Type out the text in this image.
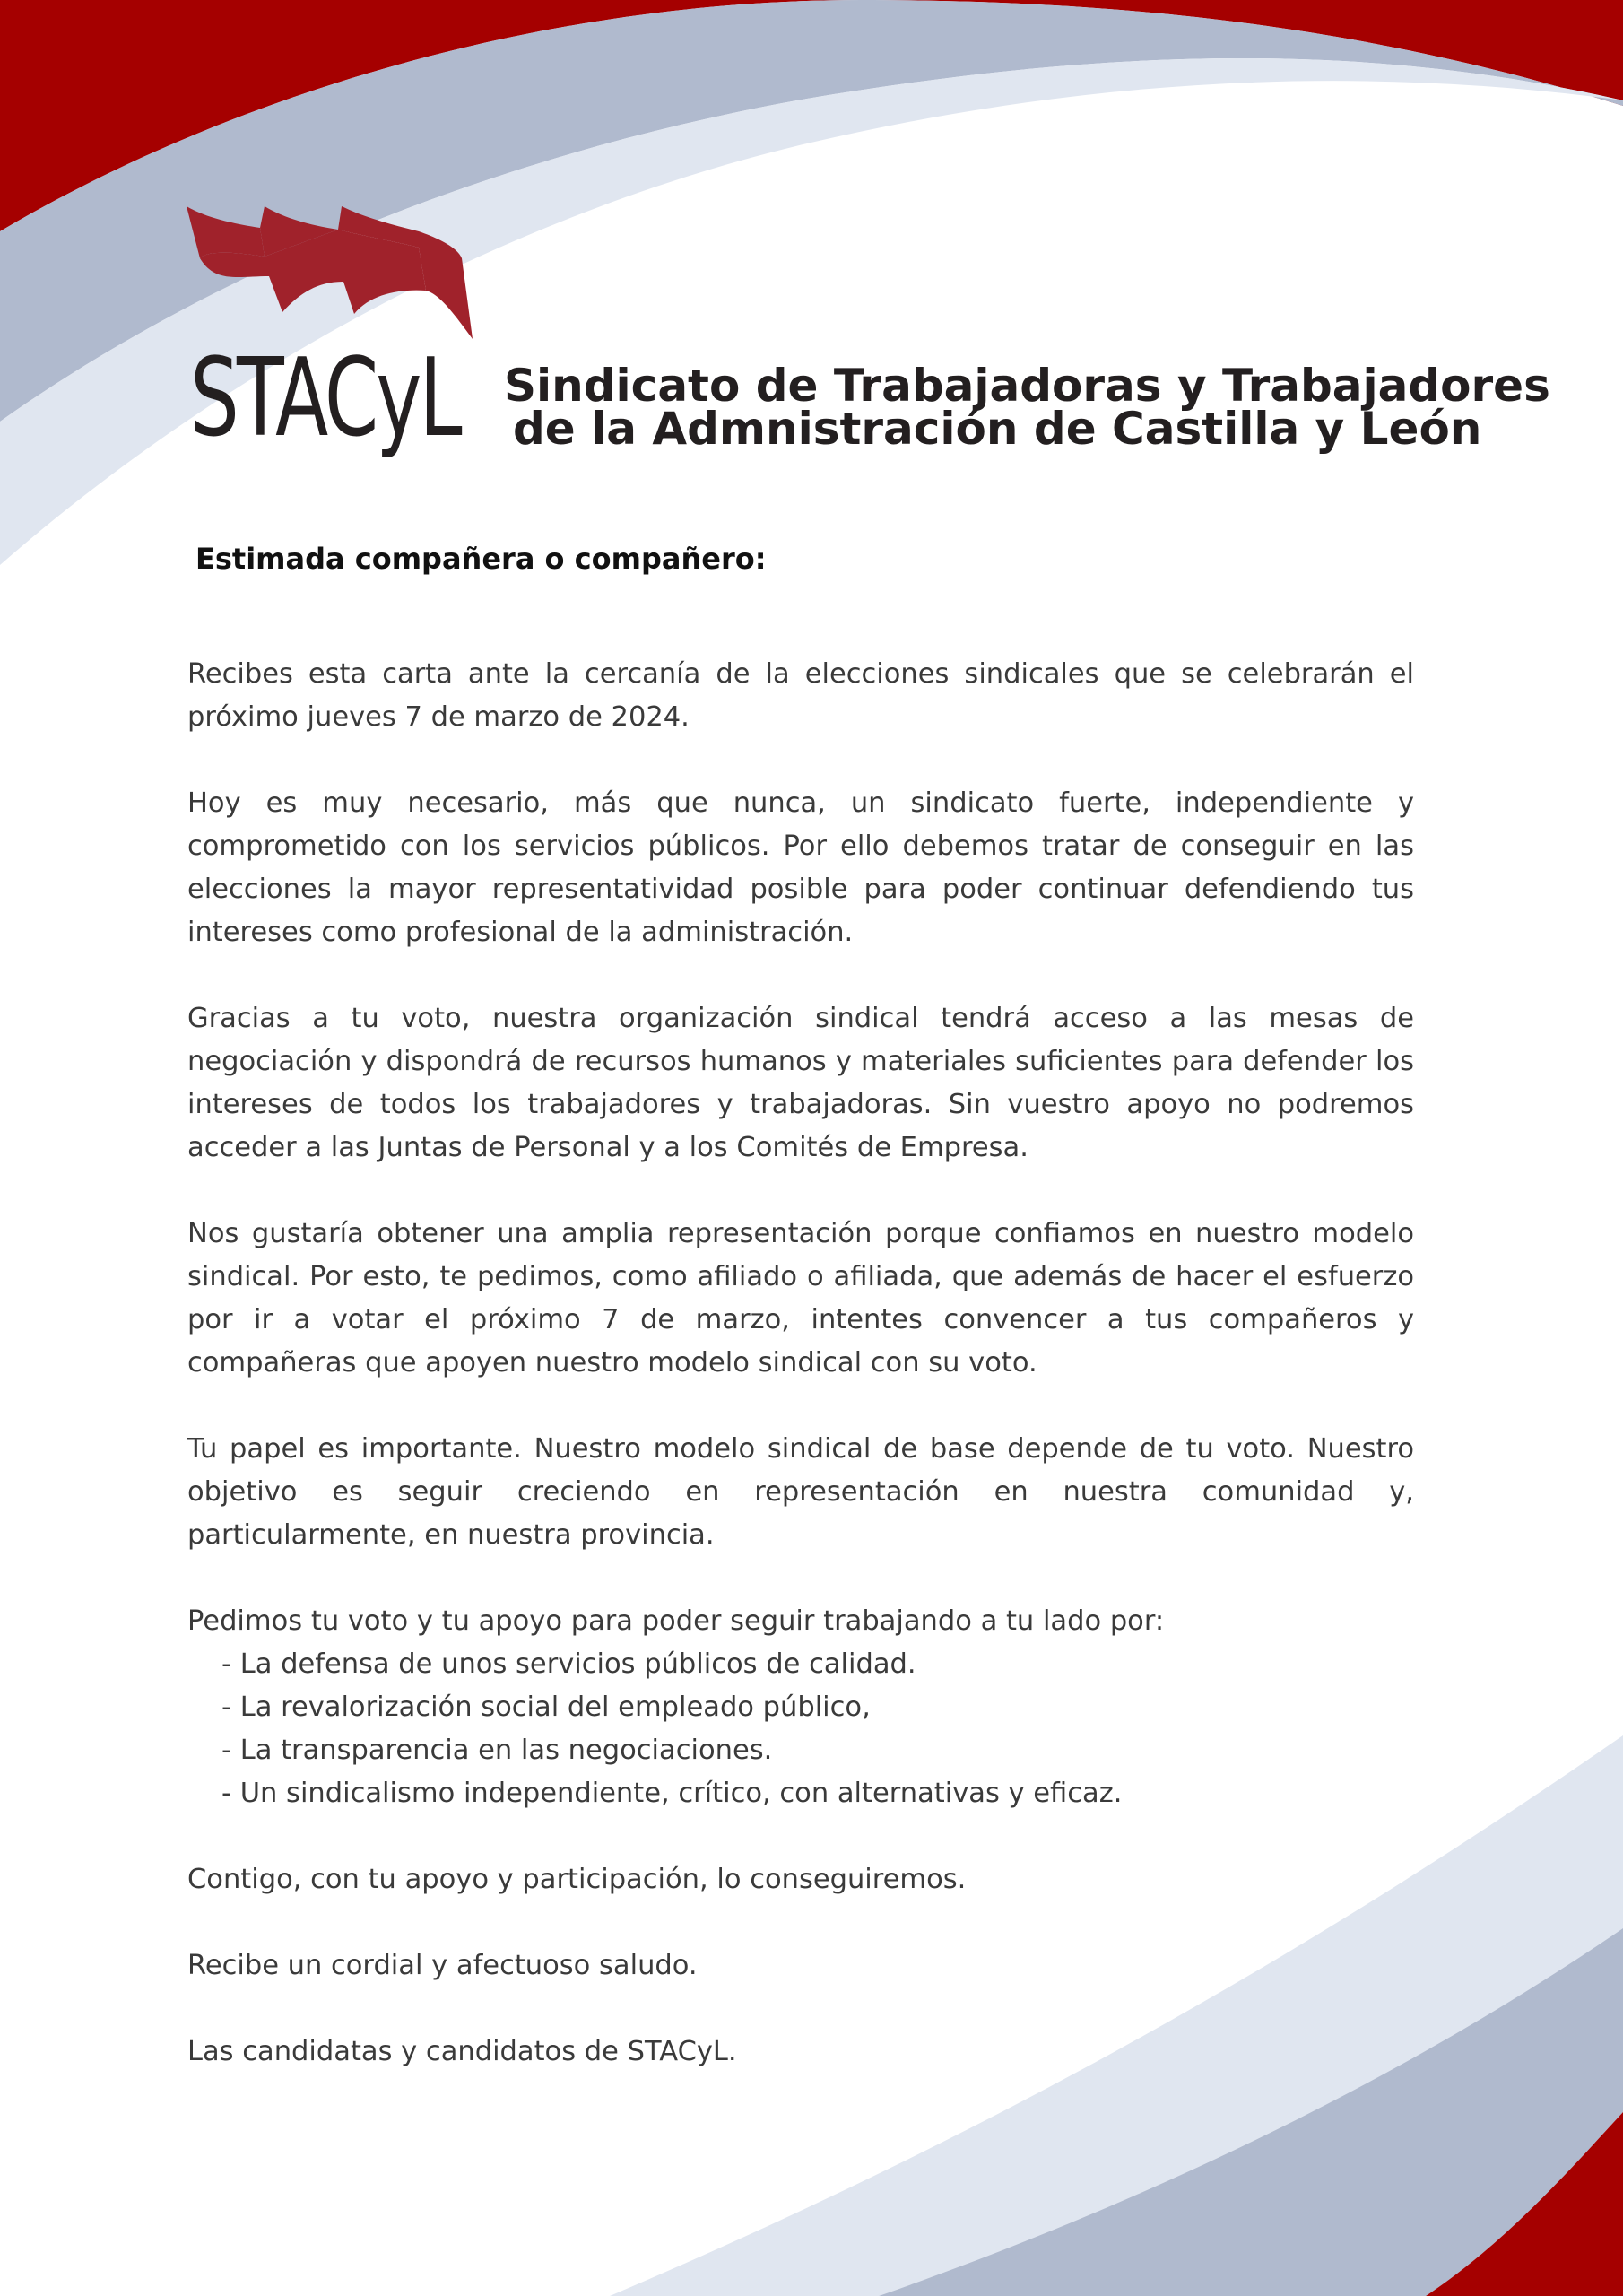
STACyL Sindicato de Trabajadoras y Trabajadores
de la Admnistración de Castilla y León
Estimada compañera o compañero:

Recibes esta carta ante la cercanía de la elecciones sindicales que se celebrarán el próximo jueves 7 de marzo de 2024.

Hoy es muy necesario, más que nunca, un sindicato fuerte, independiente y comprometido con los servicios públicos. Por ello debemos tratar de conseguir en las elecciones la mayor representatividad posible para poder continuar defendiendo tus intereses como profesional de la administración.

Gracias a tu voto, nuestra organización sindical tendrá acceso a las mesas de negociación y dispondrá de recursos humanos y materiales suficientes para defender los intereses de todos los trabajadores y trabajadoras. Sin vuestro apoyo no podremos acceder a las Juntas de Personal y a los Comités de Empresa.

Nos gustaría obtener una amplia representación porque confiamos en nuestro modelo sindical. Por esto, te pedimos, como afiliado o afiliada, que además de hacer el esfuerzo por ir a votar el próximo 7 de marzo, intentes convencer a tus compañeros y compañeras que apoyen nuestro modelo sindical con su voto.

Tu papel es importante. Nuestro modelo sindical de base depende de tu voto. Nuestro objetivo es seguir creciendo en representación en nuestra comunidad y, particularmente, en nuestra provincia.

Pedimos tu voto y tu apoyo para poder seguir trabajando a tu lado por:

- La defensa de unos servicios públicos de calidad.
- La revalorización social del empleado público,
- La transparencia en las negociaciones.
- Un sindicalismo independiente, crítico, con alternativas y eficaz.

Contigo, con tu apoyo y participación, lo conseguiremos.

Recibe un cordial y afectuoso saludo.

Las candidatas y candidatos de STACyL.
